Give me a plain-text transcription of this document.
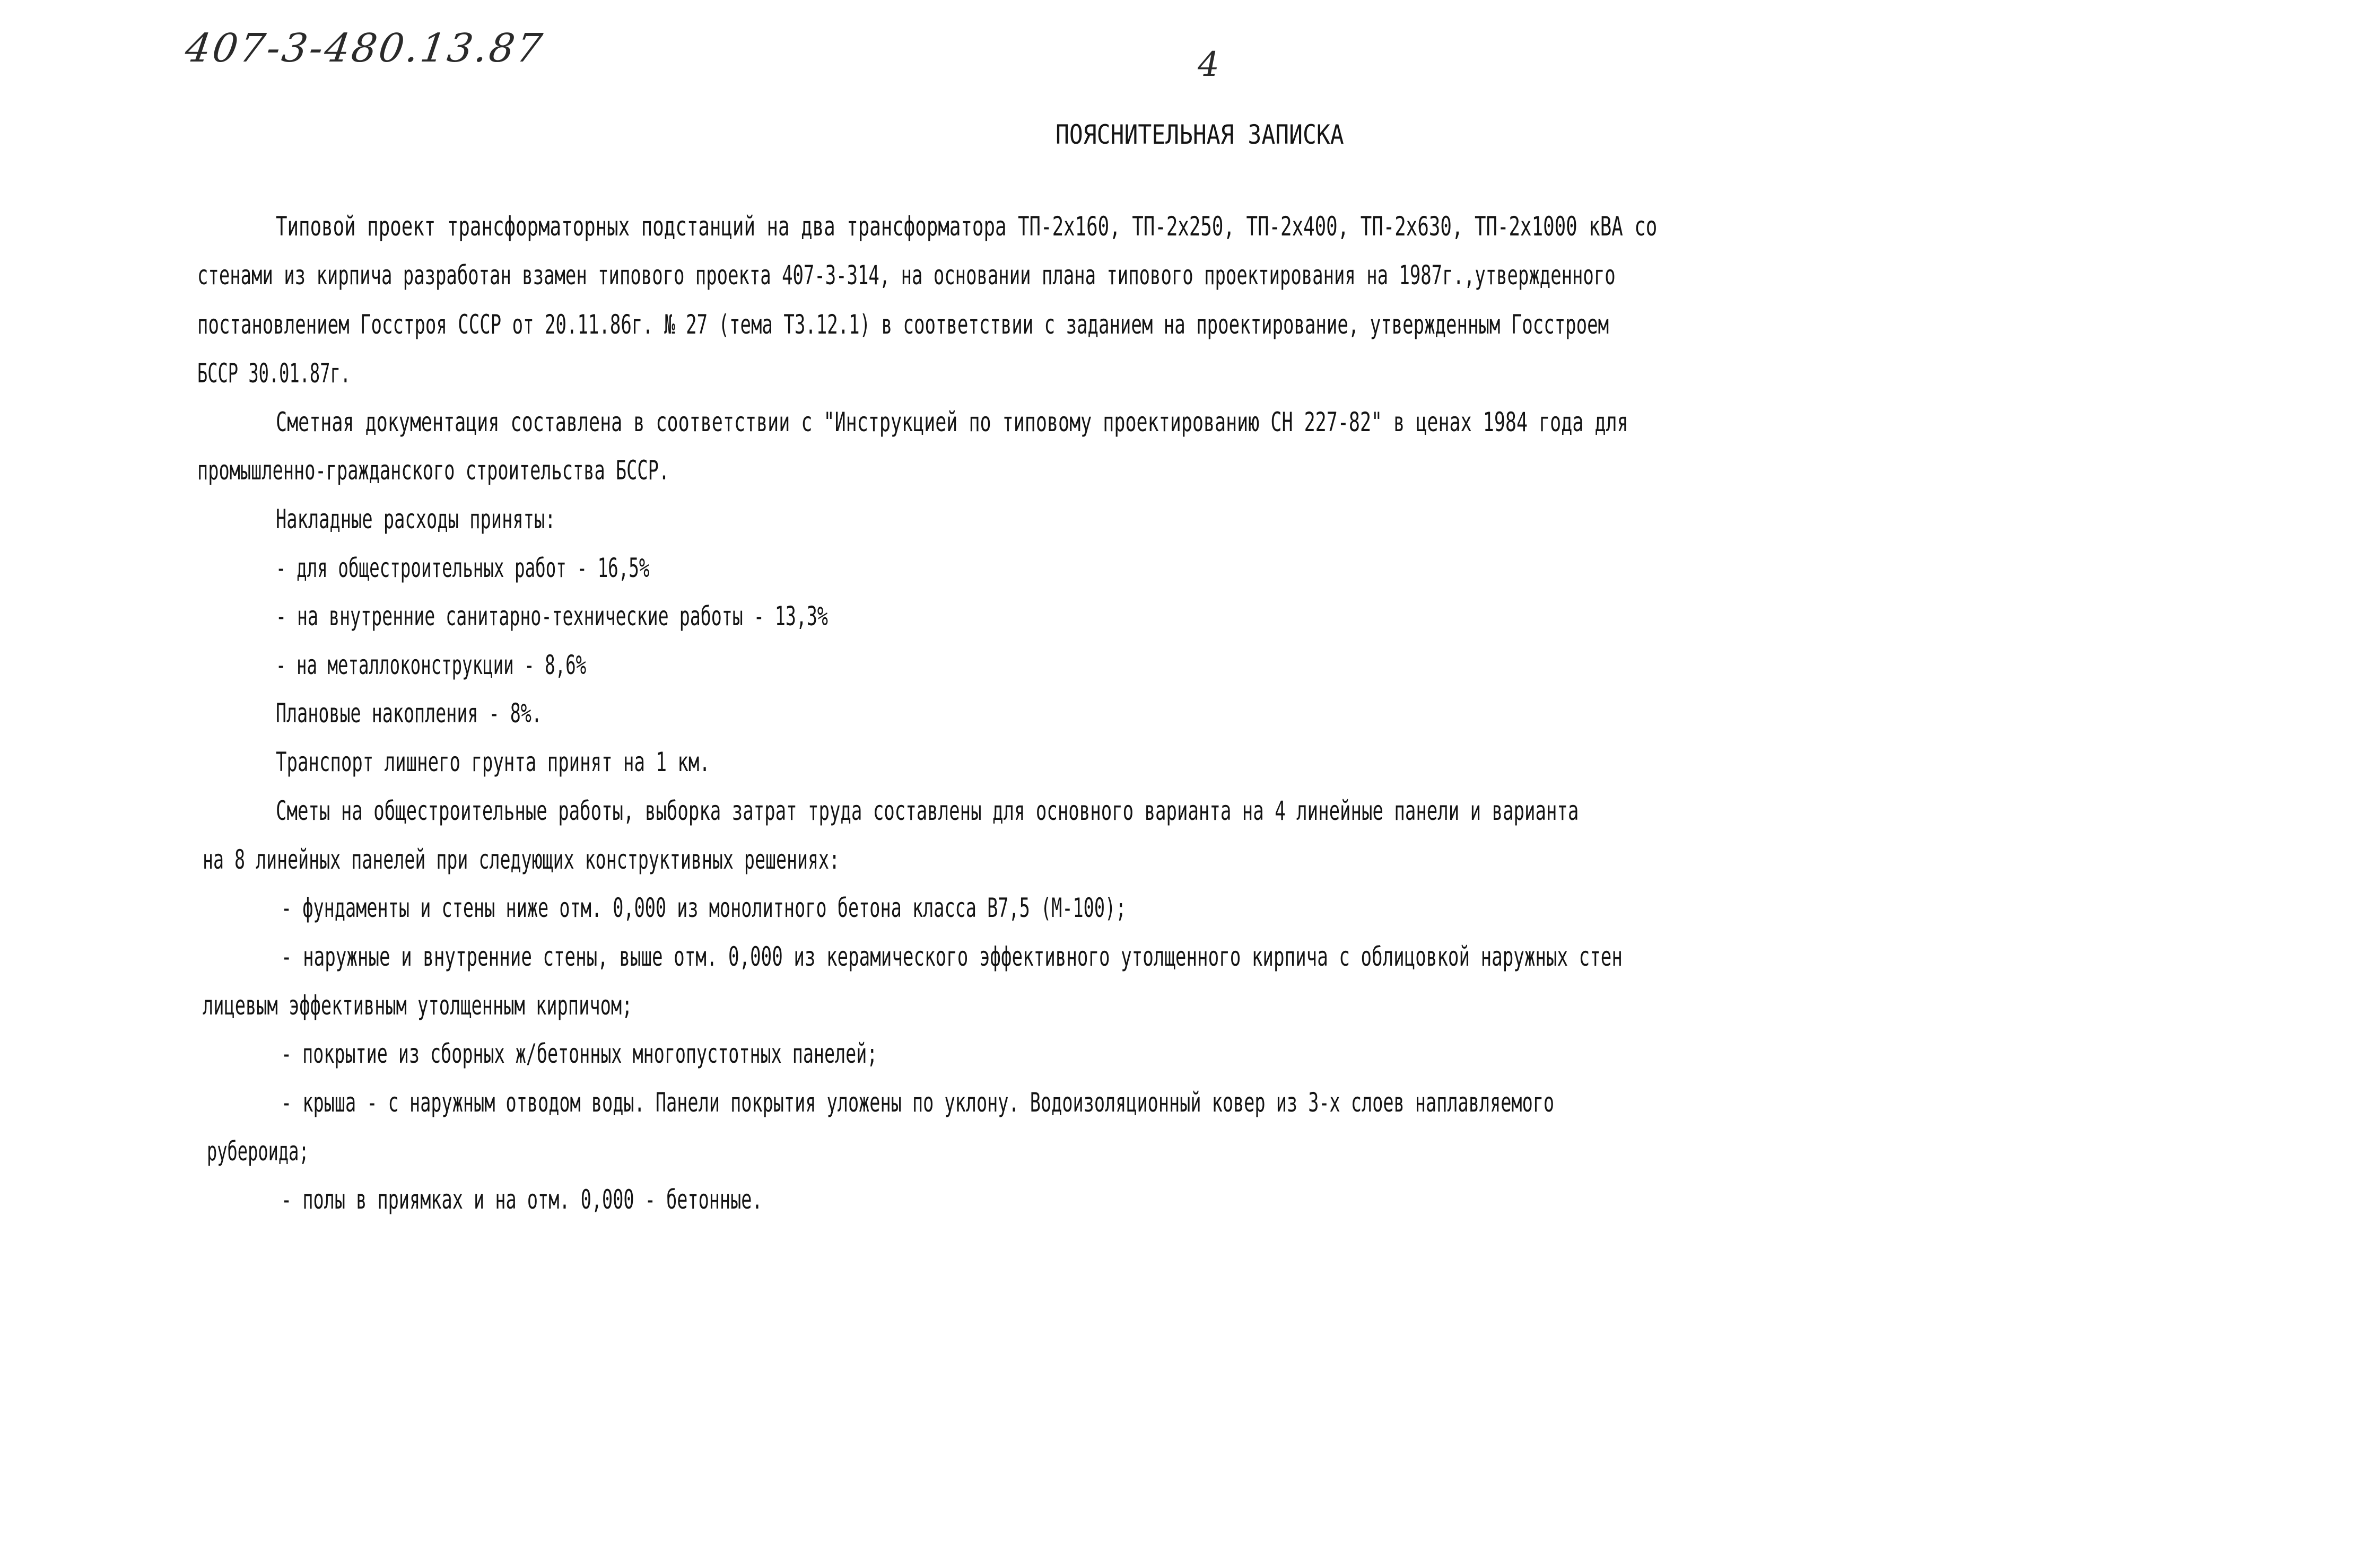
407-3-480.13.87	4
ПОЯСНИТЕЛЬНАЯ ЗАПИСКА
Типовой проект трансформаторных подстанций на два трансформатора ТП-2х160, ТП-2х250, ТП-2х400, ТП-2х630, ТП-2х1000 кВА со
стенами из кирпича разработан взамен типового проекта 407-3-314, на основании плана типового проектирования на 1987г.,утвержденного
постановлением Госстроя СССР от 20.11.86г. № 27 (тема Т3.12.1) в соответствии с заданием на проектирование, утвержденным Госстроем
БССР 30.01.87г.
Сметная документация составлена в соответствии с "Инструкцией по типовому проектированию СН 227-82" в ценах 1984 года для
промышленно-гражданского строительства БССР.
Накладные расходы приняты:
- для общестроительных работ - 16,5%
- на внутренние санитарно-технические работы - 13,3%
- на металлоконструкции - 8,6%
Плановые накопления - 8%.
Транспорт лишнего грунта принят на 1 км.
Сметы на общестроительные работы, выборка затрат труда составлены для основного варианта на 4 линейные панели и варианта
на 8 линейных панелей при следующих конструктивных решениях:
- фундаменты и стены ниже отм. 0,000 из монолитного бетона класса В7,5 (М-100);
- наружные и внутренние стены, выше отм. 0,000 из керамического эффективного утолщенного кирпича с облицовкой наружных стен
лицевым эффективным утолщенным кирпичом;
- покрытие из сборных ж/бетонных многопустотных панелей;
- крыша - с наружным отводом воды. Панели покрытия уложены по уклону. Водоизоляционный ковер из 3-х слоев наплавляемого
рубероида;
- полы в приямках и на отм. 0,000 - бетонные.
